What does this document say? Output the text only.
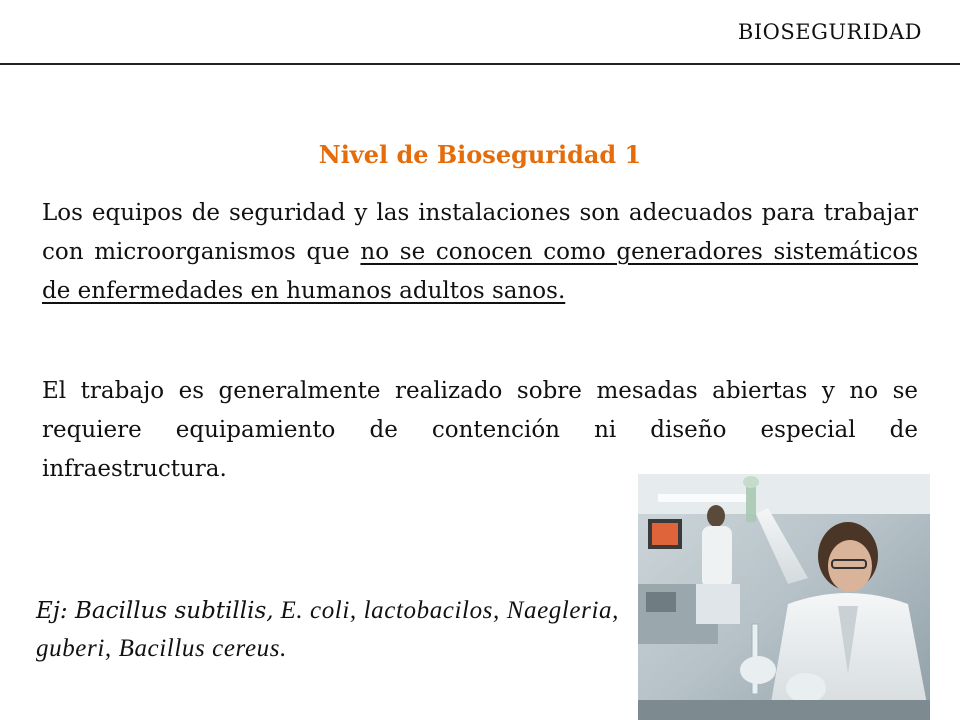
BIOSEGURIDAD
Nivel de Bioseguridad 1

Los equipos de seguridad y las instalaciones son adecuados para trabajar con microorganismos que no se conocen como generadores sistemáticos de enfermedades en humanos adultos sanos.

El trabajo es generalmente realizado sobre mesadas abiertas y no se requiere equipamiento de contención ni diseño especial de infraestructura.

Ej: Bacillus subtillis, E. coli, lactobacilos, Naegleria, guberi, Bacillus cereus.
